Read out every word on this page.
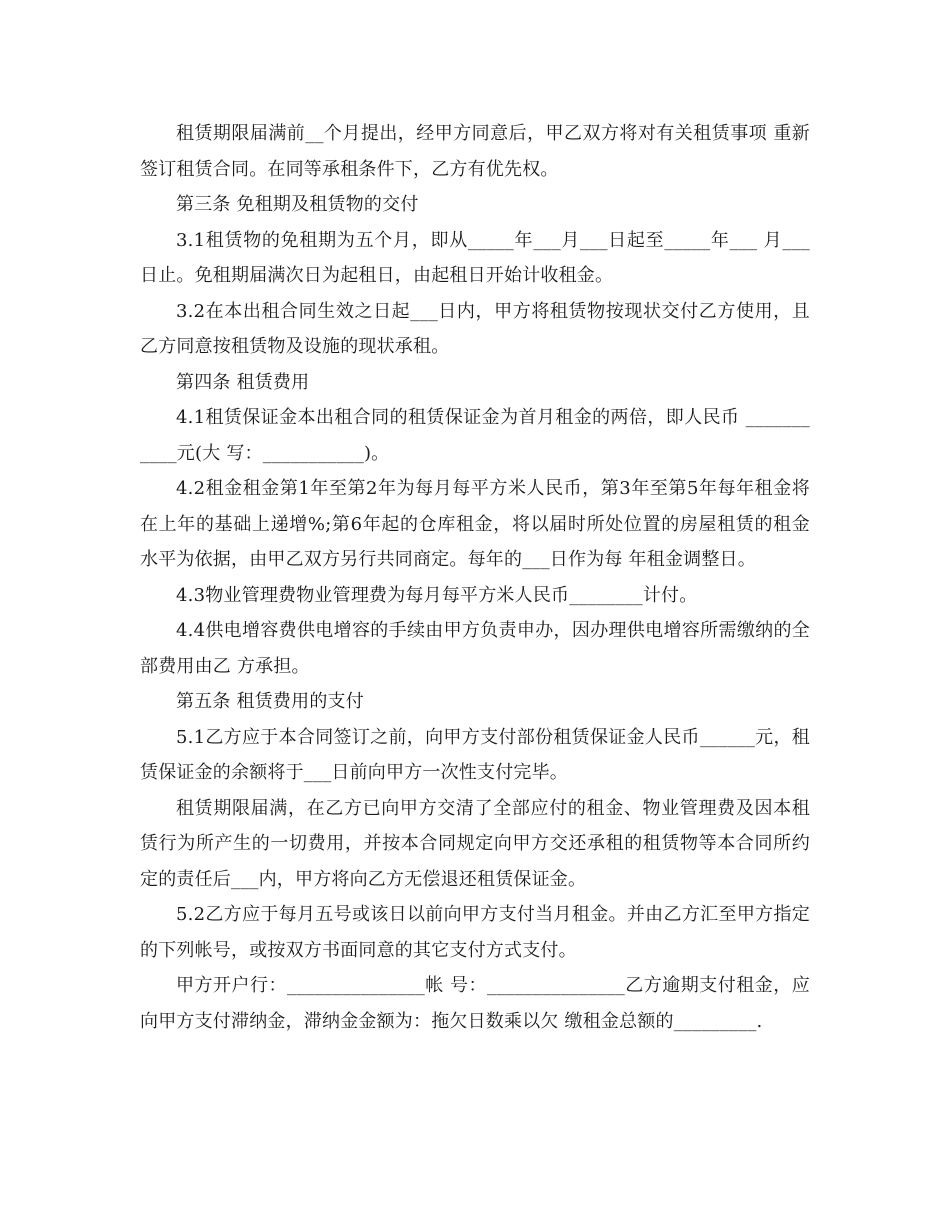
租赁期限届满前__个月提出，经甲方同意后，甲乙双方将对有关租赁事项 重新签订租赁合同。在同等承租条件下，乙方有优先权。

第三条 免租期及租赁物的交付

3.1租赁物的免租期为五个月，即从_____年___月___日起至_____年___ 月___日止。免租期届满次日为起租日，由起租日开始计收租金。

3.2在本出租合同生效之日起___日内，甲方将租赁物按现状交付乙方使用，且乙方同意按租赁物及设施的现状承租。

第四条 租赁费用

4.1租赁保证金本出租合同的租赁保证金为首月租金的两倍，即人民币 ___________元(大 写：___________)。

4.2租金租金第1年至第2年为每月每平方米人民币，第3年至第5年每年租金将在上年的基础上递增%;第6年起的仓库租金，将以届时所处位置的房屋租赁的租金水平为依据，由甲乙双方另行共同商定。每年的___日作为每 年租金调整日。

4.3物业管理费物业管理费为每月每平方米人民币________计付。

4.4供电增容费供电增容的手续由甲方负责申办，因办理供电增容所需缴纳的全部费用由乙 方承担。

第五条 租赁费用的支付

5.1乙方应于本合同签订之前，向甲方支付部份租赁保证金人民币______元，租赁保证金的余额将于___日前向甲方一次性支付完毕。

租赁期限届满，在乙方已向甲方交清了全部应付的租金、物业管理费及因本租赁行为所产生的一切费用，并按本合同规定向甲方交还承租的租赁物等本合同所约定的责任后___内，甲方将向乙方无偿退还租赁保证金。

5.2乙方应于每月五号或该日以前向甲方支付当月租金。并由乙方汇至甲方指定的下列帐号，或按双方书面同意的其它支付方式支付。

甲方开户行：_______________帐 号：_______________乙方逾期支付租金，应向甲方支付滞纳金，滞纳金金额为：拖欠日数乘以欠 缴租金总额的_________.
